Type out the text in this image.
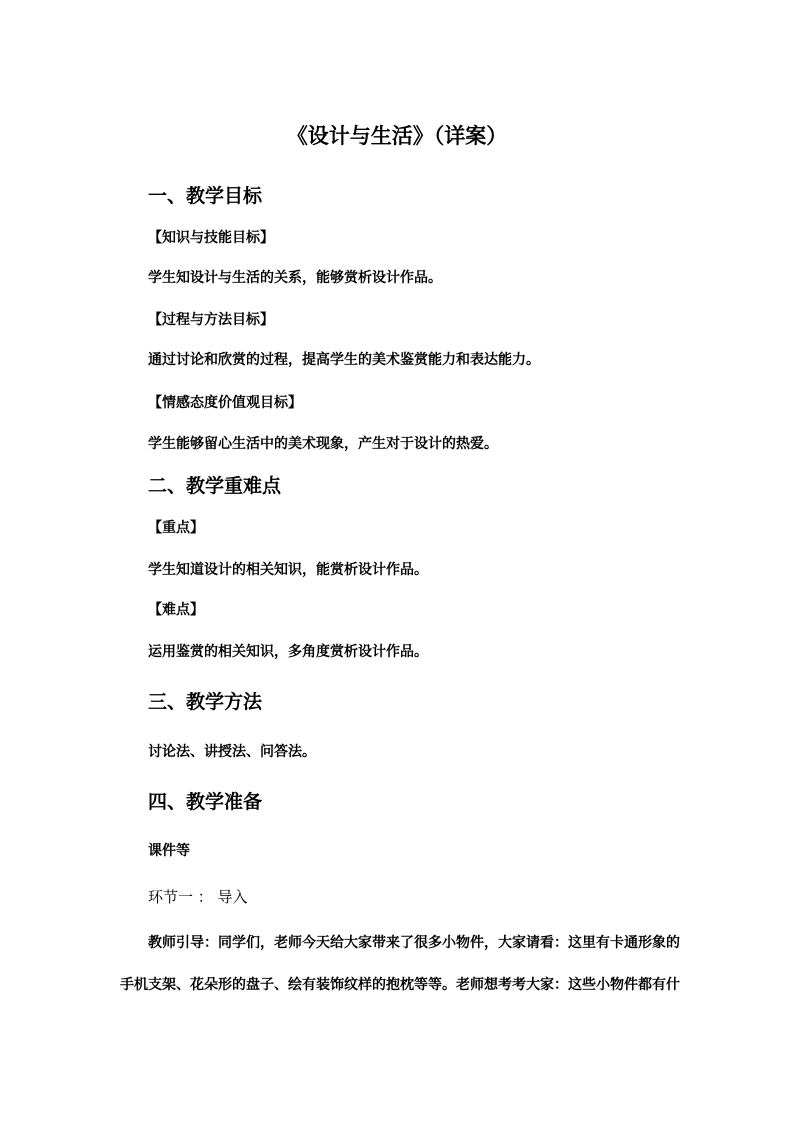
《设计与生活》（详案）
一、教学目标
【知识与技能目标】
学生知设计与生活的关系，能够赏析设计作品。
【过程与方法目标】
通过讨论和欣赏的过程，提高学生的美术鉴赏能力和表达能力。
【情感态度价值观目标】
学生能够留心生活中的美术现象，产生对于设计的热爱。
二、教学重难点
【重点】
学生知道设计的相关知识，能赏析设计作品。
【难点】
运用鉴赏的相关知识，多角度赏析设计作品。
三、教学方法
讨论法、讲授法、问答法。
四、教学准备
课件等
环节一 ： 导入
教师引导：同学们，老师今天给大家带来了很多小物件，大家请看：这里有卡通形象的
手机支架、花朵形的盘子、绘有装饰纹样的抱枕等等。老师想考考大家：这些小物件都有什
